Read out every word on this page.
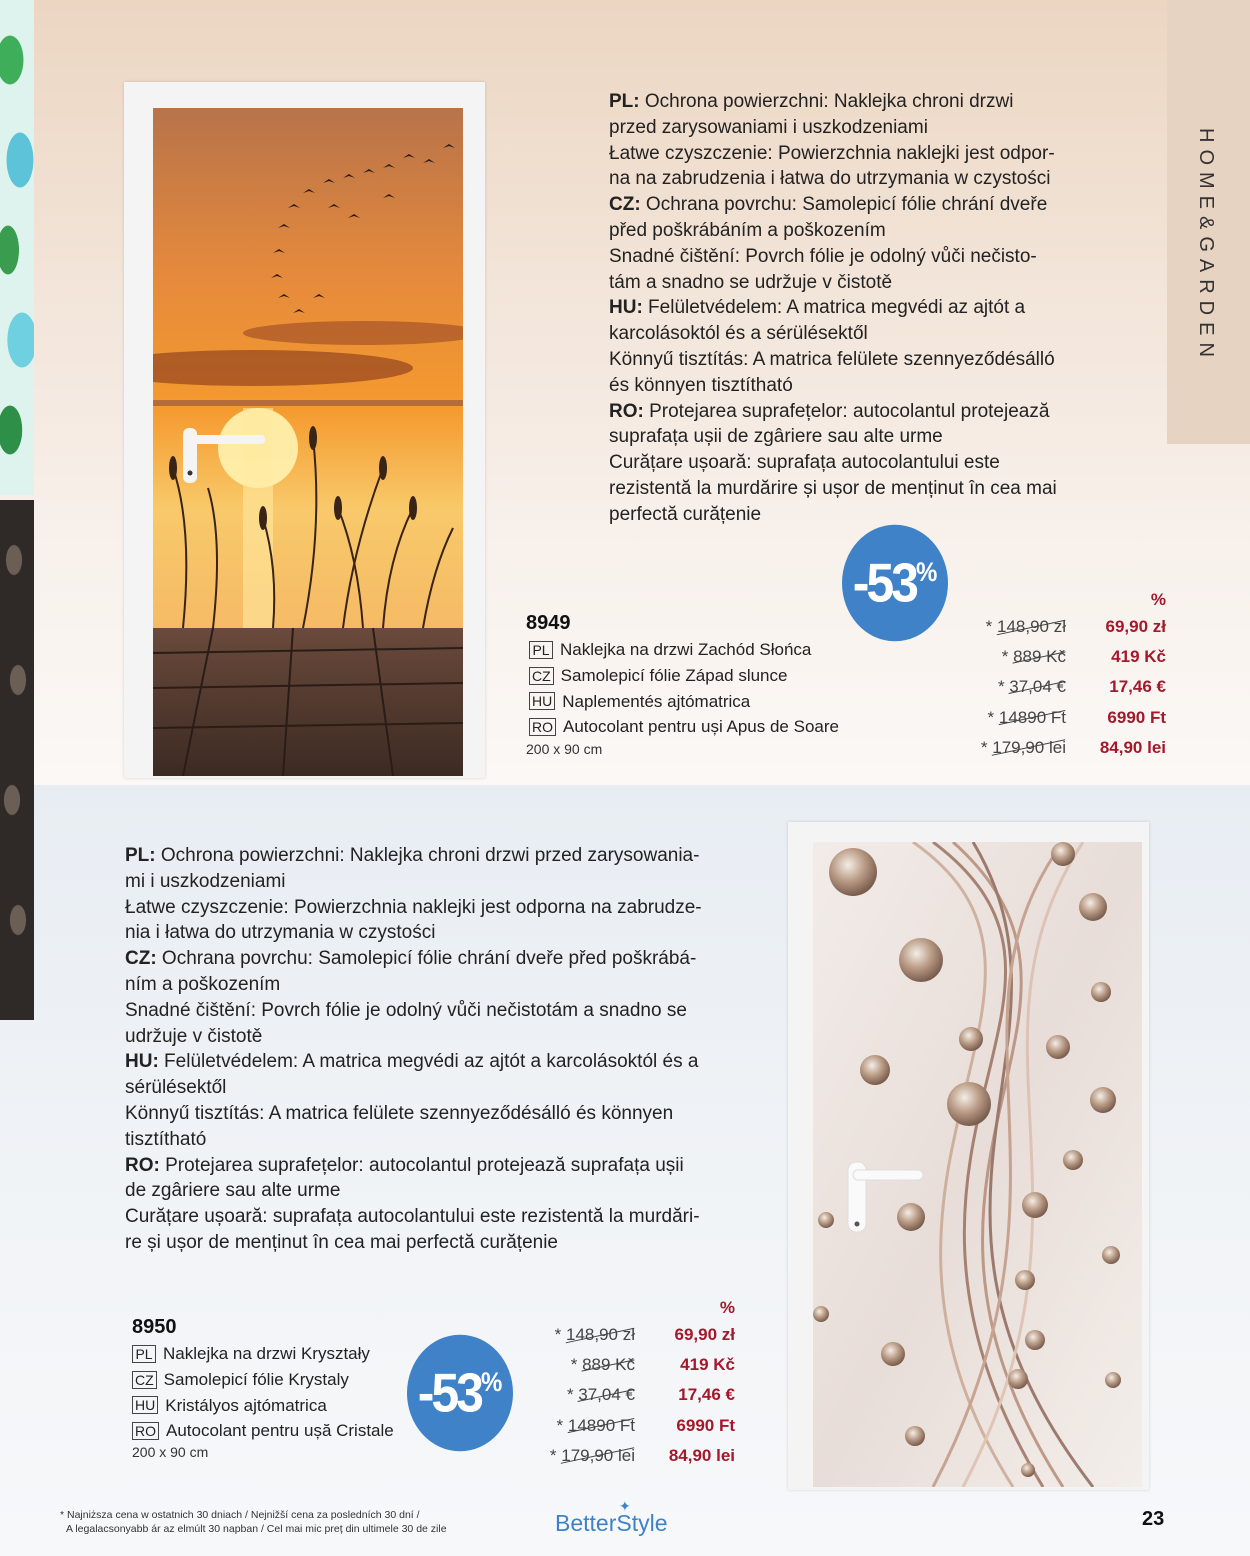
HOME&GARDEN

PL: Ochrona powierzchni: Naklejka chroni drzwi

przed zarysowaniami i uszkodzeniami

Łatwe czyszczenie: Powierzchnia naklejki jest odpor-

na na zabrudzenia i łatwa do utrzymania w czystości

CZ: Ochrana povrchu: Samolepicí fólie chrání dveře

před poškrábáním a poškozením

Snadné čištění: Povrch fólie je odolný vůči nečisto-

tám a snadno se udržuje v čistotě

HU: Felületvédelem: A matrica megvédi az ajtót a

karcolásoktól és a sérülésektől

Könnyű tisztítás: A matrica felülete szennyeződésálló

és könnyen tisztítható

RO: Protejarea suprafețelor: autocolantul protejează

suprafața ușii de zgâriere sau alte urme

Curățare ușoară: suprafața autocolantului este

rezistentă la murdărire și ușor de menținut în cea mai

perfectă curățenie

-53 %
8949
PL Naklejka na drzwi Zachód Słońca
CZ Samolepicí fólie Západ slunce
HU Naplementés ajtómatrica
RO Autocolant pentru uși Apus de Soare
200 x 90 cm
%
* 148,90 zł	69,90 zł
* 889 Kč	419 Kč
* 37,04 €	17,46 €
* 14890 Ft	6990 Ft
* 179,90 lei	84,90 lei

PL: Ochrona powierzchni: Naklejka chroni drzwi przed zarysowania-

mi i uszkodzeniami

Łatwe czyszczenie: Powierzchnia naklejki jest odporna na zabrudze-

nia i łatwa do utrzymania w czystości

CZ: Ochrana povrchu: Samolepicí fólie chrání dveře před poškrábá-

ním a poškozením

Snadné čištění: Povrch fólie je odolný vůči nečistotám a snadno se

udržuje v čistotě

HU: Felületvédelem: A matrica megvédi az ajtót a karcolásoktól és a

sérülésektől

Könnyű tisztítás: A matrica felülete szennyeződésálló és könnyen

tisztítható

RO: Protejarea suprafețelor: autocolantul protejează suprafața ușii

de zgâriere sau alte urme

Curățare ușoară: suprafața autocolantului este rezistentă la murdări-

re și ușor de menținut în cea mai perfectă curățenie

8950
PL Naklejka na drzwi Kryształy
CZ Samolepicí fólie Krystaly
HU Kristályos ajtómatrica
RO Autocolant pentru ușă Cristale
200 x 90 cm
-53 %
%
* 148,90 zł	69,90 zł
* 889 Kč	419 Kč
* 37,04 €	17,46 €
* 14890 Ft	6990 Ft
* 179,90 lei	84,90 lei
* Najniższa cena w ostatnich 30 dniach / Nejnižší cena za posledních 30 dní /
A legalacsonyabb ár az elmúlt 30 napban / Cel mai mic preț din ultimele 30 de zile	BetterStyle
✦
23
